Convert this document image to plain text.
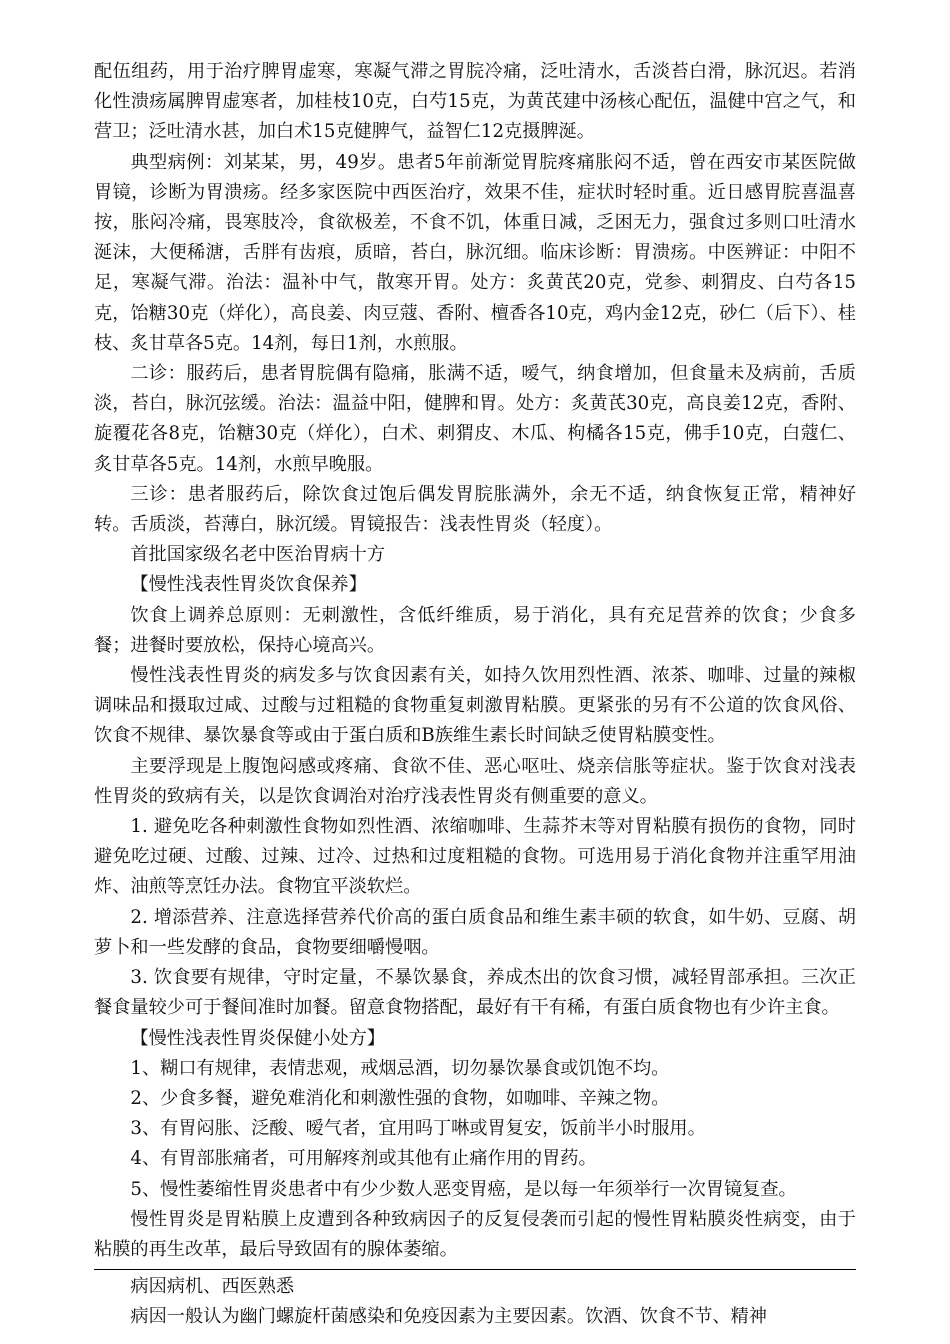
配伍组药，用于治疗脾胃虚寒，寒凝气滞之胃脘冷痛，泛吐清水，舌淡苔白滑，脉沉迟。若消化性溃疡属脾胃虚寒者，加桂枝10克，白芍15克，为黄芪建中汤核心配伍，温健中宫之气，和营卫；泛吐清水甚，加白术15克健脾气，益智仁12克摄脾涎。

典型病例：刘某某，男，49岁。患者5年前渐觉胃脘疼痛胀闷不适，曾在西安市某医院做胃镜，诊断为胃溃疡。经多家医院中西医治疗，效果不佳，症状时轻时重。近日感胃脘喜温喜按，胀闷冷痛，畏寒肢冷，食欲极差，不食不饥，体重日减，乏困无力，强食过多则口吐清水涎沫，大便稀溏，舌胖有齿痕，质暗，苔白，脉沉细。临床诊断：胃溃疡。中医辨证：中阳不足，寒凝气滞。治法：温补中气，散寒开胃。处方：炙黄芪20克，党参、刺猬皮、白芍各15克，饴糖30克（烊化），高良姜、肉豆蔻、香附、檀香各10克，鸡内金12克，砂仁（后下）、桂枝、炙甘草各5克。14剂，每日1剂，水煎服。

二诊：服药后，患者胃脘偶有隐痛，胀满不适，嗳气，纳食增加，但食量未及病前，舌质淡，苔白，脉沉弦缓。治法：温益中阳，健脾和胃。处方：炙黄芪30克，高良姜12克，香附、旋覆花各8克，饴糖30克（烊化），白术、刺猬皮、木瓜、枸橘各15克，佛手10克，白蔻仁、炙甘草各5克。14剂，水煎早晚服。

三诊：患者服药后，除饮食过饱后偶发胃脘胀满外，余无不适，纳食恢复正常，精神好转。舌质淡，苔薄白，脉沉缓。胃镜报告：浅表性胃炎（轻度）。

首批国家级名老中医治胃病十方

【慢性浅表性胃炎饮食保养】

饮食上调养总原则：无刺激性，含低纤维质，易于消化，具有充足营养的饮食；少食多餐；进餐时要放松，保持心境高兴。

慢性浅表性胃炎的病发多与饮食因素有关，如持久饮用烈性酒、浓茶、咖啡、过量的辣椒调味品和摄取过咸、过酸与过粗糙的食物重复刺激胃粘膜。更紧张的另有不公道的饮食风俗、饮食不规律、暴饮暴食等或由于蛋白质和B族维生素长时间缺乏使胃粘膜变性。

主要浮现是上腹饱闷感或疼痛、食欲不佳、恶心呕吐、烧亲信胀等症状。鉴于饮食对浅表性胃炎的致病有关，以是饮食调治对治疗浅表性胃炎有侧重要的意义。

1. 避免吃各种刺激性食物如烈性酒、浓缩咖啡、生蒜芥末等对胃粘膜有损伤的食物，同时避免吃过硬、过酸、过辣、过冷、过热和过度粗糙的食物。可选用易于消化食物并注重罕用油炸、油煎等烹饪办法。食物宜平淡软烂。

2. 增添营养、注意选择营养代价高的蛋白质食品和维生素丰硕的软食，如牛奶、豆腐、胡萝卜和一些发酵的食品，食物要细嚼慢咽。

3. 饮食要有规律，守时定量，不暴饮暴食，养成杰出的饮食习惯，减轻胃部承担。三次正餐食量较少可于餐间准时加餐。留意食物搭配，最好有干有稀，有蛋白质食物也有少许主食。

【慢性浅表性胃炎保健小处方】

1、糊口有规律，表情悲观，戒烟忌酒，切勿暴饮暴食或饥饱不均。

2、少食多餐，避免难消化和刺激性强的食物，如咖啡、辛辣之物。

3、有胃闷胀、泛酸、嗳气者，宜用吗丁啉或胃复安，饭前半小时服用。

4、有胃部胀痛者，可用解疼剂或其他有止痛作用的胃药。

5、慢性萎缩性胃炎患者中有少少数人恶变胃癌，是以每一年须举行一次胃镜复查。

慢性胃炎是胃粘膜上皮遭到各种致病因子的反复侵袭而引起的慢性胃粘膜炎性病变，由于粘膜的再生改革，最后导致固有的腺体萎缩。

病因病机、西医熟悉

病因一般认为幽门螺旋杆菌感染和免疫因素为主要因素。饮酒、饮食不节、精神
